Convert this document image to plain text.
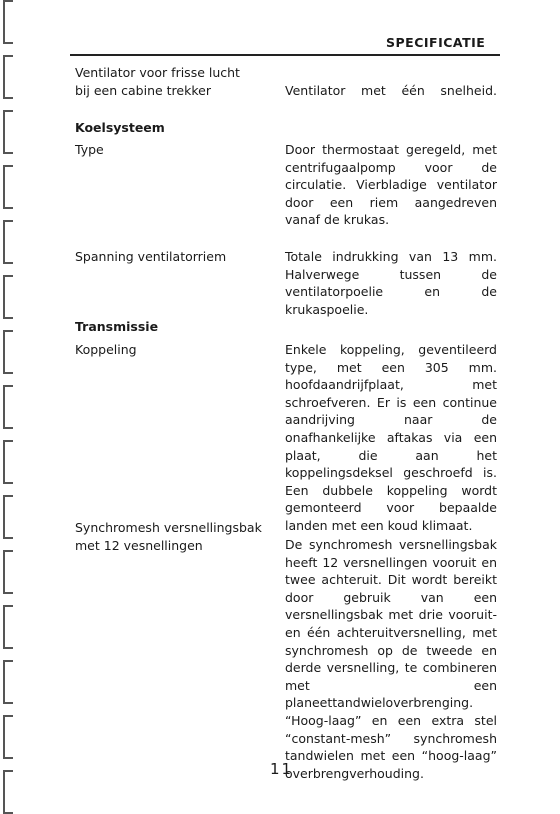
SPECIFICATIE
Ventilator voor frisse lucht
bij een cabine trekker	Ventilator met één snelheid.
Koelsysteem
Type	Door thermostaat geregeld, met centrifugaalpomp voor de circulatie. Vierbladige ventilator door een riem aangedreven vanaf de krukas.
Spanning ventilatorriem	Totale indrukking van 13 mm. Halverwege tussen de ventilatorpoelie en de krukaspoelie.
Transmissie
Koppeling	Enkele koppeling, geventileerd type, met een 305 mm. hoofdaandrijfplaat, met schroefveren. Er is een continue aandrijving naar de onafhankelijke aftakas via een plaat, die aan het koppelingsdeksel geschroefd is. Een dubbele koppeling wordt gemonteerd voor bepaalde landen met een koud klimaat.
Synchromesh versnellingsbak
met 12 vesnellingen	De synchromesh versnellingsbak heeft 12 versnellingen vooruit en twee achteruit. Dit wordt bereikt door gebruik van een versnellingsbak met drie vooruit- en één achteruitversnelling, met synchromesh op de tweede en derde versnelling, te combineren met een planeettandwieloverbrenging. “Hoog-laag” en een extra stel “constant-mesh” synchromesh tandwielen met een “hoog-laag” overbrengverhouding.
11
